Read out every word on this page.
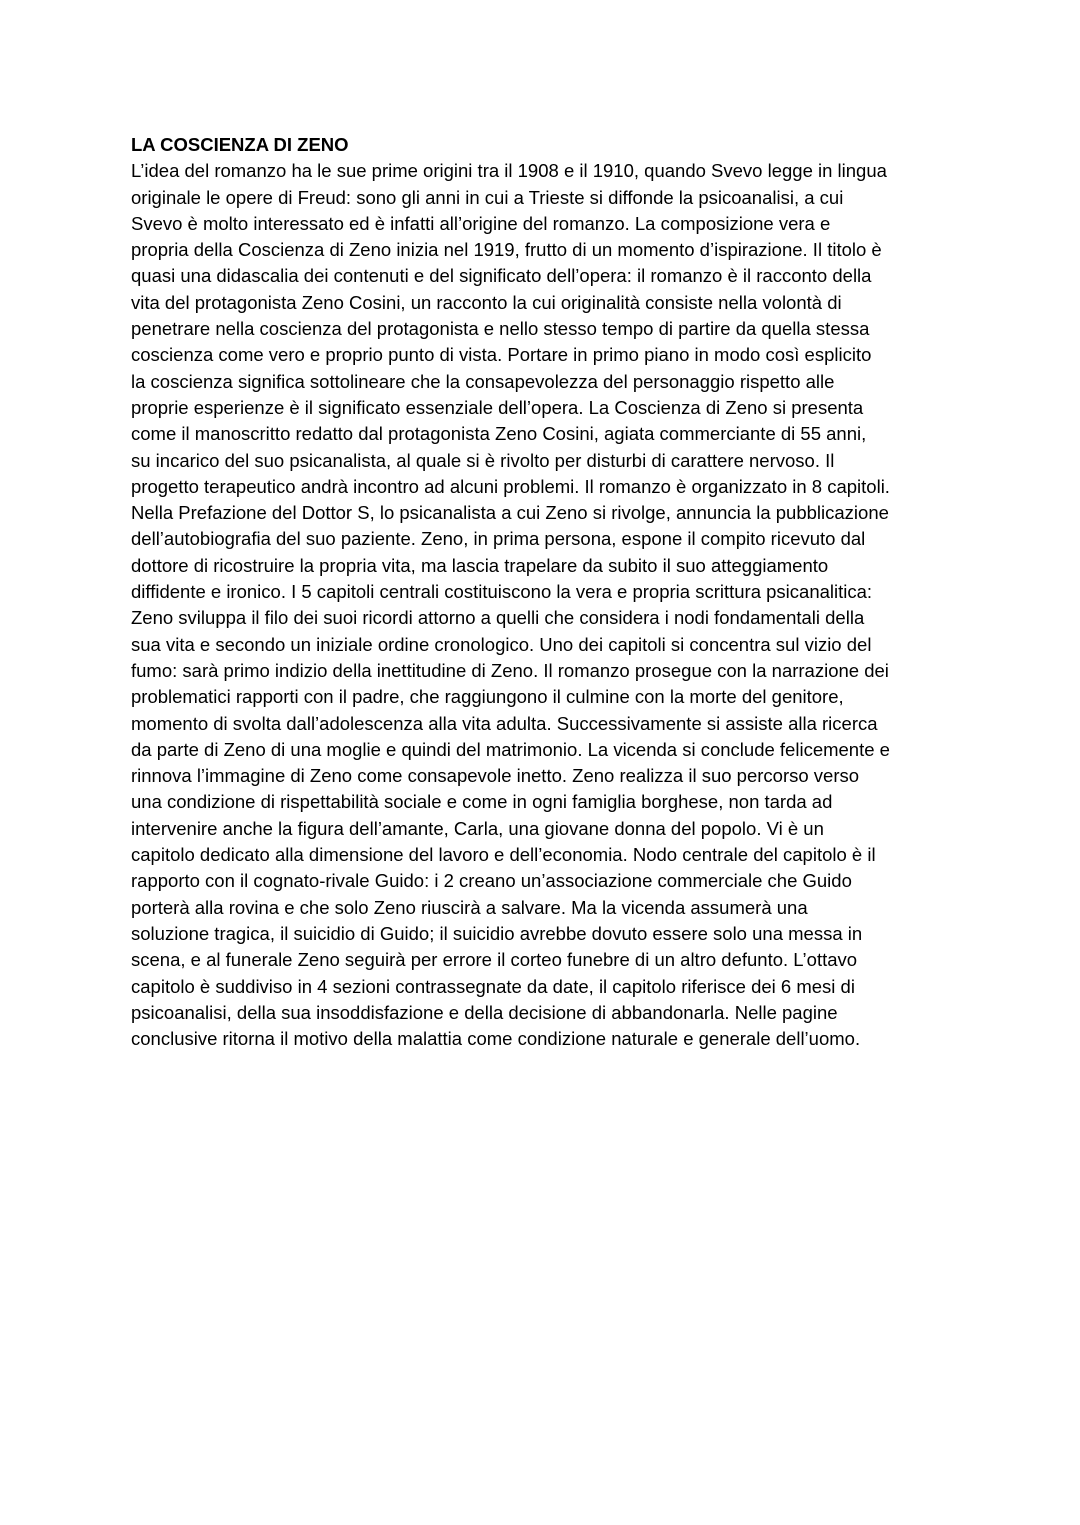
LA COSCIENZA DI ZENO
L’idea del romanzo ha le sue prime origini tra il 1908 e il 1910, quando Svevo legge in lingua
originale le opere di Freud: sono gli anni in cui a Trieste si diffonde la psicoanalisi, a cui
Svevo è molto interessato ed è infatti all’origine del romanzo. La composizione vera e
propria della Coscienza di Zeno inizia nel 1919, frutto di un momento d’ispirazione. Il titolo è
quasi una didascalia dei contenuti e del significato dell’opera: il romanzo è il racconto della
vita del protagonista Zeno Cosini, un racconto la cui originalità consiste nella volontà di
penetrare nella coscienza del protagonista e nello stesso tempo di partire da quella stessa
coscienza come vero e proprio punto di vista. Portare in primo piano in modo così esplicito
la coscienza significa sottolineare che la consapevolezza del personaggio rispetto alle
proprie esperienze è il significato essenziale dell’opera. La Coscienza di Zeno si presenta
come il manoscritto redatto dal protagonista Zeno Cosini, agiata commerciante di 55 anni,
su incarico del suo psicanalista, al quale si è rivolto per disturbi di carattere nervoso. Il
progetto terapeutico andrà incontro ad alcuni problemi. Il romanzo è organizzato in 8 capitoli.
Nella Prefazione del Dottor S, lo psicanalista a cui Zeno si rivolge, annuncia la pubblicazione
dell’autobiografia del suo paziente. Zeno, in prima persona, espone il compito ricevuto dal
dottore di ricostruire la propria vita, ma lascia trapelare da subito il suo atteggiamento
diffidente e ironico. I 5 capitoli centrali costituiscono la vera e propria scrittura psicanalitica:
Zeno sviluppa il filo dei suoi ricordi attorno a quelli che considera i nodi fondamentali della
sua vita e secondo un iniziale ordine cronologico. Uno dei capitoli si concentra sul vizio del
fumo: sarà primo indizio della inettitudine di Zeno. Il romanzo prosegue con la narrazione dei
problematici rapporti con il padre, che raggiungono il culmine con la morte del genitore,
momento di svolta dall’adolescenza alla vita adulta. Successivamente si assiste alla ricerca
da parte di Zeno di una moglie e quindi del matrimonio. La vicenda si conclude felicemente e
rinnova l’immagine di Zeno come consapevole inetto. Zeno realizza il suo percorso verso
una condizione di rispettabilità sociale e come in ogni famiglia borghese, non tarda ad
intervenire anche la figura dell’amante, Carla, una giovane donna del popolo. Vi è un
capitolo dedicato alla dimensione del lavoro e dell’economia. Nodo centrale del capitolo è il
rapporto con il cognato-rivale Guido: i 2 creano un’associazione commerciale che Guido
porterà alla rovina e che solo Zeno riuscirà a salvare. Ma la vicenda assumerà una
soluzione tragica, il suicidio di Guido; il suicidio avrebbe dovuto essere solo una messa in
scena, e al funerale Zeno seguirà per errore il corteo funebre di un altro defunto. L’ottavo
capitolo è suddiviso in 4 sezioni contrassegnate da date, il capitolo riferisce dei 6 mesi di
psicoanalisi, della sua insoddisfazione e della decisione di abbandonarla. Nelle pagine
conclusive ritorna il motivo della malattia come condizione naturale e generale dell’uomo.
